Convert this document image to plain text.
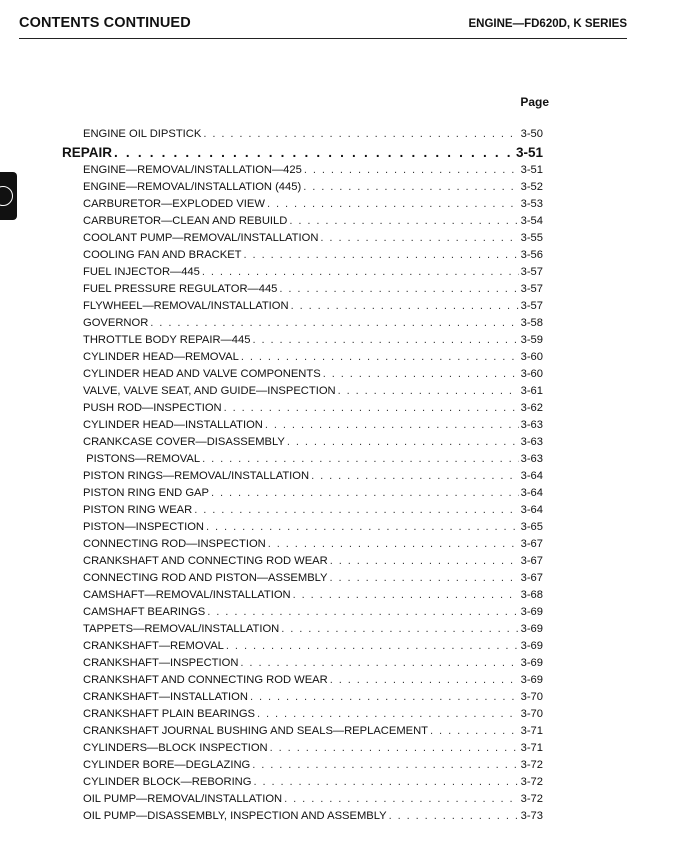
CONTENTS CONTINUED	ENGINE—FD620D, K SERIES
Page
ENGINE OIL DIPSTICK . . .	3-50
REPAIR . . .	3-51
ENGINE—REMOVAL/INSTALLATION—425 . . .	3-51
ENGINE—REMOVAL/INSTALLATION (445) . . .	3-52
CARBURETOR—EXPLODED VIEW . . .	3-53
CARBURETOR—CLEAN AND REBUILD . . .	3-54
COOLANT PUMP—REMOVAL/INSTALLATION . . .	3-55
COOLING FAN AND BRACKET . . .	3-56
FUEL INJECTOR—445 . . .	3-57
FUEL PRESSURE REGULATOR—445 . . .	3-57
FLYWHEEL—REMOVAL/INSTALLATION . . .	3-57
GOVERNOR . . .	3-58
THROTTLE BODY REPAIR—445 . . .	3-59
CYLINDER HEAD—REMOVAL . . .	3-60
CYLINDER HEAD AND VALVE COMPONENTS . . .	3-60
VALVE, VALVE SEAT, AND GUIDE—INSPECTION . . .	3-61
PUSH ROD—INSPECTION . . .	3-62
CYLINDER HEAD—INSTALLATION . . .	3-63
CRANKCASE COVER—DISASSEMBLY . . .	3-63
PISTONS—REMOVAL . . .	3-63
PISTON RINGS—REMOVAL/INSTALLATION . . .	3-64
PISTON RING END GAP . . .	3-64
PISTON RING WEAR . . .	3-64
PISTON—INSPECTION . . .	3-65
CONNECTING ROD—INSPECTION . . .	3-67
CRANKSHAFT AND CONNECTING ROD WEAR . . .	3-67
CONNECTING ROD AND PISTON—ASSEMBLY . . .	3-67
CAMSHAFT—REMOVAL/INSTALLATION . . .	3-68
CAMSHAFT BEARINGS . . .	3-69
TAPPETS—REMOVAL/INSTALLATION . . .	3-69
CRANKSHAFT—REMOVAL . . .	3-69
CRANKSHAFT—INSPECTION . . .	3-69
CRANKSHAFT AND CONNECTING ROD WEAR . . .	3-69
CRANKSHAFT—INSTALLATION . . .	3-70
CRANKSHAFT PLAIN BEARINGS . . .	3-70
CRANKSHAFT JOURNAL BUSHING AND SEALS—REPLACEMENT . . .	3-71
CYLINDERS—BLOCK INSPECTION . . .	3-71
CYLINDER BORE—DEGLAZING . . .	3-72
CYLINDER BLOCK—REBORING . . .	3-72
OIL PUMP—REMOVAL/INSTALLATION . . .	3-72
OIL PUMP—DISASSEMBLY, INSPECTION AND ASSEMBLY . . .	3-73
